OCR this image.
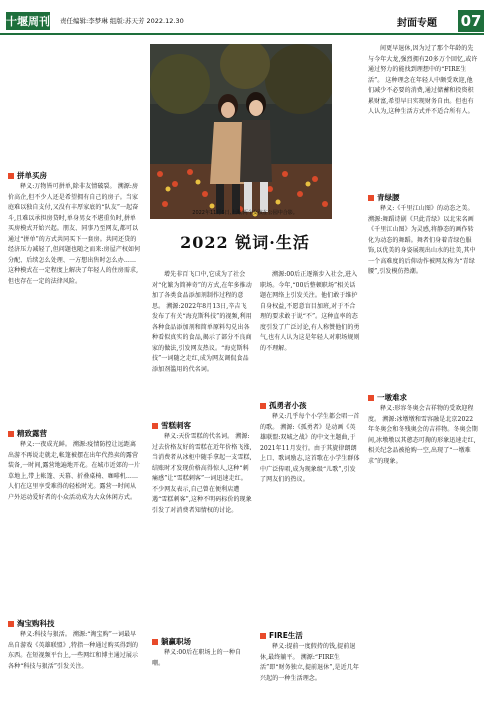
十堰周刊 责任编辑:李梦琳 组版:苏天芳 2022.12.30	封面专题 07
2022年11月6日,上海,两个女孩在公园中合影。
2022 锐词·生活
拼单买房

释义:万物皆可拼单,除非友情破裂。 溯源:房价高企,但不少人还是希望拥有自己的房子。当家庭难以独自支付,又没有丰厚家底的“队友”一起奋斗,且难以承担房贷时,单身男女不堪重负时,拼单买房模式开始兴起。朋友、同事乃至网友,都可以通过“拼单”的方式共同买下一套房。共同还贷的经济压力减轻了,但问题也随之而来:房屋产权如何分配、后续怎么处理、一方想出售时怎么办……这种模式在一定程度上解决了年轻人的住房需求,但也存在一定的法律风险。

精致露营

释义:一夜成光鲜。 溯源:疫情防控让远距离出游不再说走就走,帐篷被摆在出年代热卖的露营装备,一时间,露营地遍地开花。在城市近郊的一片草地上,带上帐篷、天幕、折叠桌椅、咖啡机……人们在这里享受难得的轻松时光。露营一时间从户外运动爱好者的小众活动成为大众休闲方式。

淘宝购科技

释义:科技与狠活。 溯源:“淘宝购”一词最早出自游戏《英雄联盟》,特指一种通过购买得到的东西。在短视频平台上,一些网红和博主通过展示各种“科技与狠活”引发关注。

增先非百飞口中,它成为了社会对“化繁为简神奇”的方式,在年多推动加了各类食品添加剂制作过程的意思。 溯源:2022年8月13日,辛吉飞发布了有关“海克斯科技”的视频,利用各种食品添加剂和简单原料勾兑出各种看似真实的食品,揭示了部分不良商家的做法,引发网友热议。“海克斯科技”一词随之走红,成为网友调侃食品添加剂滥用的代名词。

雪糕刺客

释义:天价雪糕的代名词。 溯源:过去价格友好的雪糕在近年价格飞涨,当消费者从冰柜中随手拿起一支雪糕,结账时才发现价格高得惊人,这种“刺痛感”让“雪糕刺客”一词迅速走红。不少网友表示,自己曾在便利店遭遇“雪糕刺客”,这种不明码标价的现象引发了对消费者知情权的讨论。

躺赢职场

释义:00后在职场上的一种自嘲。

溯源:00后正逐渐步入社会,进入职场。今年,“00后整顿职场”相关话题在网络上引发关注。他们敢于维护自身权益,不愿意盲目加班,对于不合理的要求敢于说“不”。这种直率的态度引发了广泛讨论,有人称赞他们的勇气,也有人认为这是年轻人对职场规则的不理解。

孤勇者小孩

释义:几乎每个小学生都会唱一首的歌。 溯源:《孤勇者》是动画《英雄联盟:双城之战》的中文主题曲,于2021年11月发行。由于其旋律朗朗上口、歌词励志,这首歌在小学生群体中广泛传唱,成为现象级“儿歌”,引发了网友们的热议。

FIRE生活

释义:提前一度假持的钱,提前退休,最终躺平。 溯源:“FIRE生活”即“财务独立,提前退休”,是近几年兴起的一种生活理念。

间更早退休,因为过了那个年龄的先与今年大龙,强烈拥有20多万个回忆,或许通过努力的能找到理想中的“FIRE生活”。 这种理念在年轻人中颇受欢迎,他们减少不必要的消费,通过储蓄和投资积累财富,希望早日实现财务自由。但也有人认为,这种生活方式并不适合所有人。

青绿腰

释义:《千里江山图》的动态之美。 溯源:舞蹈诗剧《只此青绿》以北宋名画《千里江山图》为灵感,将静态的画作转化为动态的舞蹈。舞者们身着青绿色服饰,以优美的身姿展现出山水的壮美,其中一个高难度的后仰动作被网友称为“青绿腰”,引发模仿热潮。

一墩难求

释义:形容冬奥会吉祥物的受欢迎程度。 溯源:冰墩墩和雪容融是北京2022年冬奥会和冬残奥会的吉祥物。冬奥会期间,冰墩墩以其憨态可掬的形象迅速走红,相关纪念品被抢购一空,出现了“一墩难求”的现象。
